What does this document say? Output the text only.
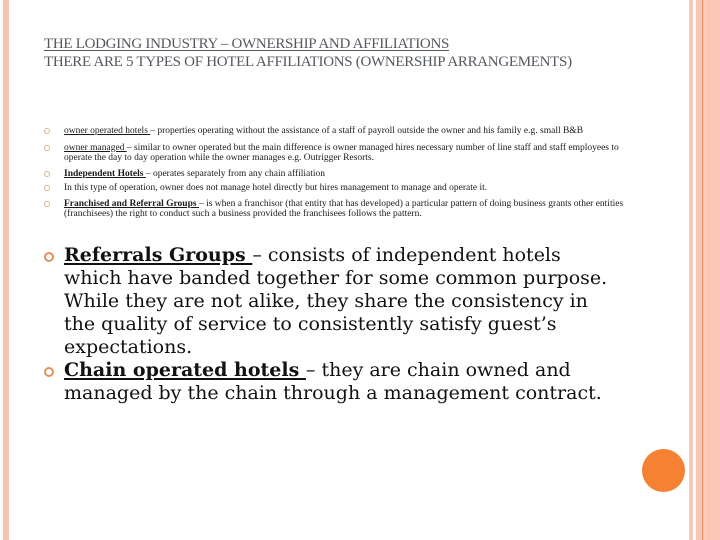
THE LODGING INDUSTRY – OWNERSHIP AND AFFILIATIONS
THERE ARE 5 TYPES OF HOTEL AFFILIATIONS (OWNERSHIP ARRANGEMENTS)
owner operated hotels – properties operating without the assistance of a staff of payroll outside the owner and his family e.g. small B&B
owner managed – similar to owner operated but the main difference is owner managed hires necessary number of line staff and staff employees to operate the day to day operation while the owner manages e.g. Outrigger Resorts.
Independent Hotels – operates separately from any chain affiliation
In this type of operation, owner does not manage hotel directly but hires management to manage and operate it.
Franchised and Referral Groups – is when a franchisor (that entity that has developed) a particular pattern of doing business grants other entities (franchisees) the right to conduct such a business provided the franchisees follows the pattern.
Referrals Groups – consists of independent hotels which have banded together for some common purpose. While they are not alike, they share the consistency in the quality of service to consistently satisfy guest’s expectations.
Chain operated hotels – they are chain owned and managed by the chain through a management contract.
